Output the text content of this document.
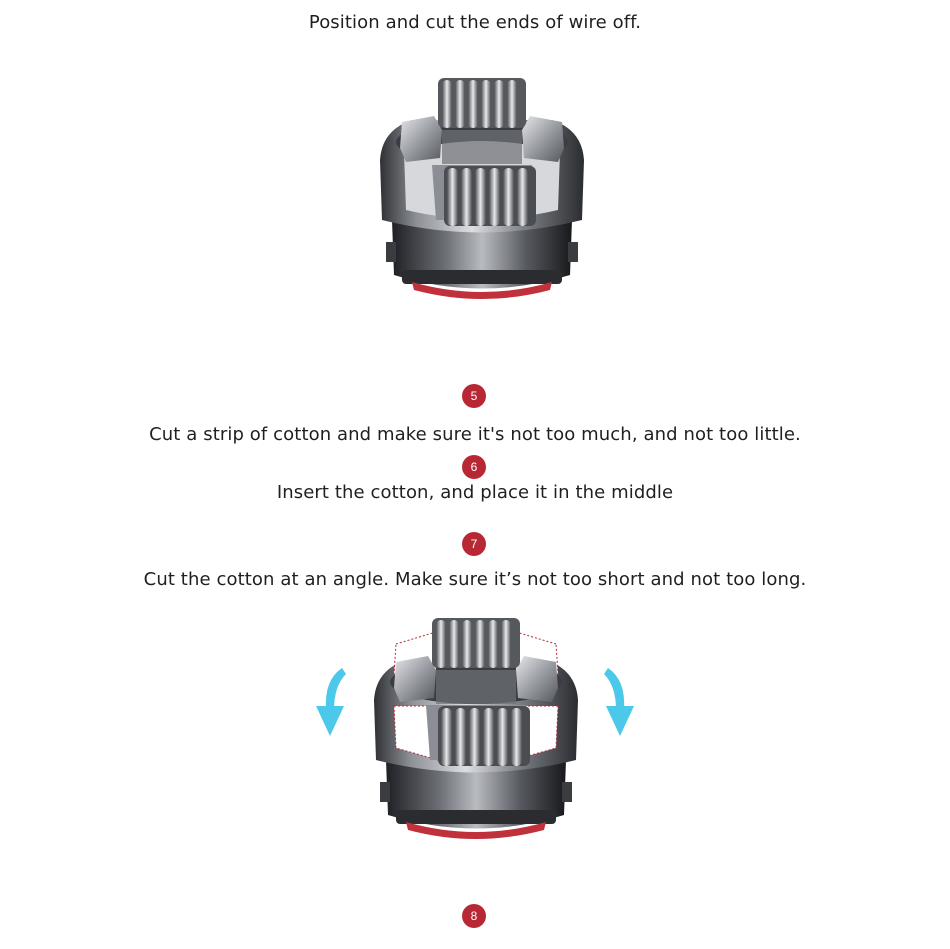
Position and cut the ends of wire off.
5
Cut a strip of cotton and make sure it's not too much, and not too little.
6
Insert the cotton, and place it in the middle
7
Cut the cotton at an angle. Make sure it’s not too short and not too long.
8
